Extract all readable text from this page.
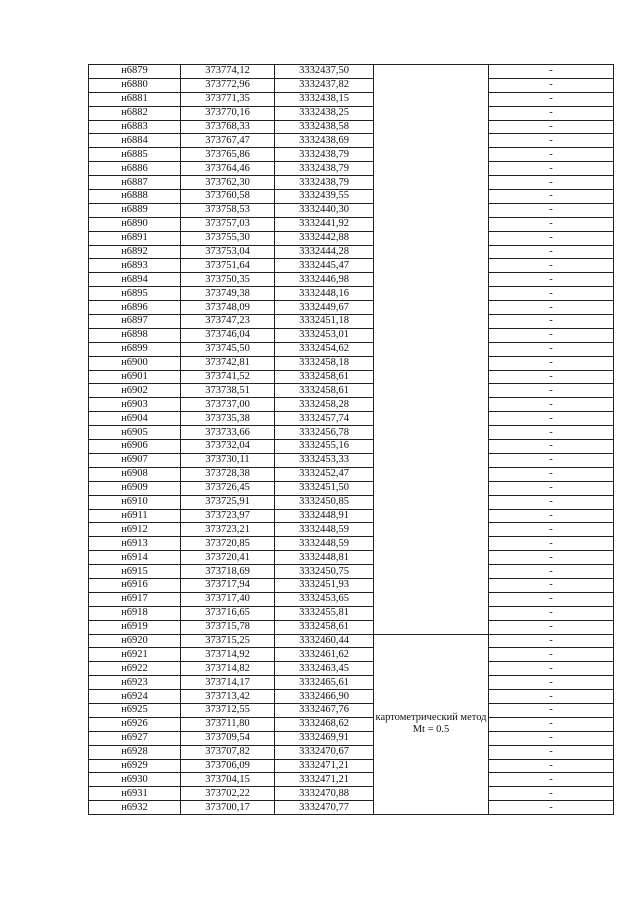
н6879	373774,12	3332437,50		-
н6880	373772,96	3332437,82		-
н6881	373771,35	3332438,15		-
н6882	373770,16	3332438,25		-
н6883	373768,33	3332438,58		-
н6884	373767,47	3332438,69		-
н6885	373765,86	3332438,79		-
н6886	373764,46	3332438,79		-
н6887	373762,30	3332438,79		-
н6888	373760,58	3332439,55		-
н6889	373758,53	3332440,30		-
н6890	373757,03	3332441,92		-
н6891	373755,30	3332442,88		-
н6892	373753,04	3332444,28		-
н6893	373751,64	3332445,47		-
н6894	373750,35	3332446,98		-
н6895	373749,38	3332448,16		-
н6896	373748,09	3332449,67		-
н6897	373747,23	3332451,18		-
н6898	373746,04	3332453,01		-
н6899	373745,50	3332454,62		-
н6900	373742,81	3332458,18		-
н6901	373741,52	3332458,61		-
н6902	373738,51	3332458,61		-
н6903	373737,00	3332458,28		-
н6904	373735,38	3332457,74		-
н6905	373733,66	3332456,78		-
н6906	373732,04	3332455,16		-
н6907	373730,11	3332453,33		-
н6908	373728,38	3332452,47		-
н6909	373726,45	3332451,50		-
н6910	373725,91	3332450,85		-
н6911	373723,97	3332448,91		-
н6912	373723,21	3332448,59		-
н6913	373720,85	3332448,59		-
н6914	373720,41	3332448,81		-
н6915	373718,69	3332450,75		-
н6916	373717,94	3332451,93		-
н6917	373717,40	3332453,65		-
н6918	373716,65	3332455,81		-
н6919	373715,78	3332458,61		-
н6920	373715,25	3332460,44	картометрический метод Mt = 0.5	-
н6921	373714,92	3332461,62		-
н6922	373714,82	3332463,45		-
н6923	373714,17	3332465,61		-
н6924	373713,42	3332466,90		-
н6925	373712,55	3332467,76		-
н6926	373711,80	3332468,62		-
н6927	373709,54	3332469,91		-
н6928	373707,82	3332470,67		-
н6929	373706,09	3332471,21		-
н6930	373704,15	3332471,21		-
н6931	373702,22	3332470,88		-
н6932	373700,17	3332470,77		-
